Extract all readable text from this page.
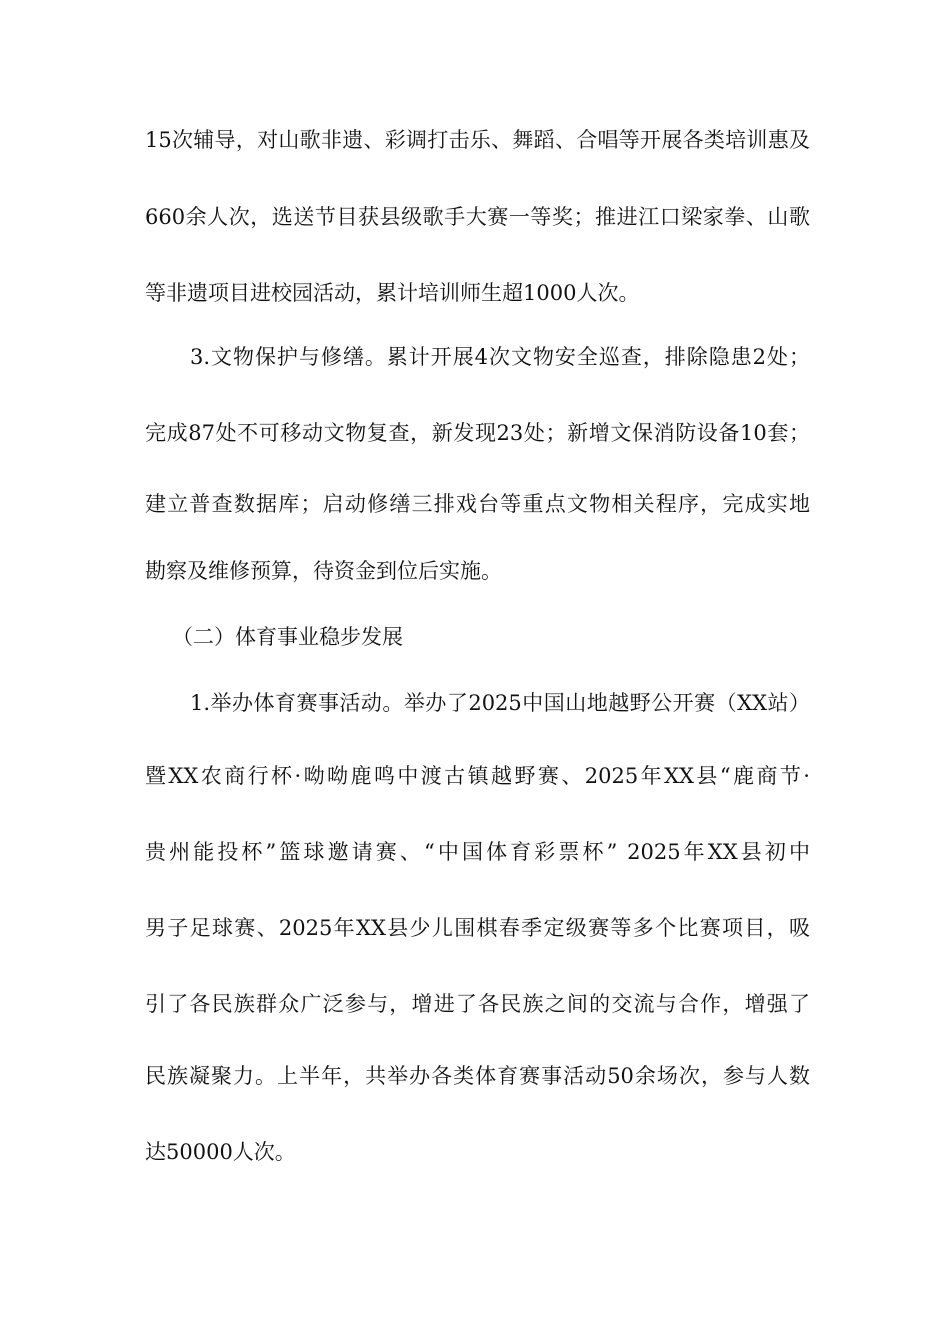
15次辅导，对山歌非遗、彩调打击乐、舞蹈、合唱等开展各类培训惠及
660余人次，选送节目获县级歌手大赛一等奖；推进江口梁家拳、山歌
等非遗项目进校园活动，累计培训师生超1000人次。
3.文物保护与修缮。累计开展4次文物安全巡查，排除隐患2处；
完成87处不可移动文物复查，新发现23处；新增文保消防设备10套；
建立普查数据库；启动修缮三排戏台等重点文物相关程序，完成实地
勘察及维修预算，待资金到位后实施。
（二）体育事业稳步发展
1.举办体育赛事活动。举办了2025中国山地越野公开赛（XX站）
暨XX农商行杯·呦呦鹿鸣中渡古镇越野赛、2025年XX县“鹿商节·
贵州能投杯”篮球邀请赛、“中国体育彩票杯” 2025年XX县初中
男子足球赛、2025年XX县少儿围棋春季定级赛等多个比赛项目，吸
引了各民族群众广泛参与，增进了各民族之间的交流与合作，增强了
民族凝聚力。上半年，共举办各类体育赛事活动50余场次，参与人数
达50000人次。
